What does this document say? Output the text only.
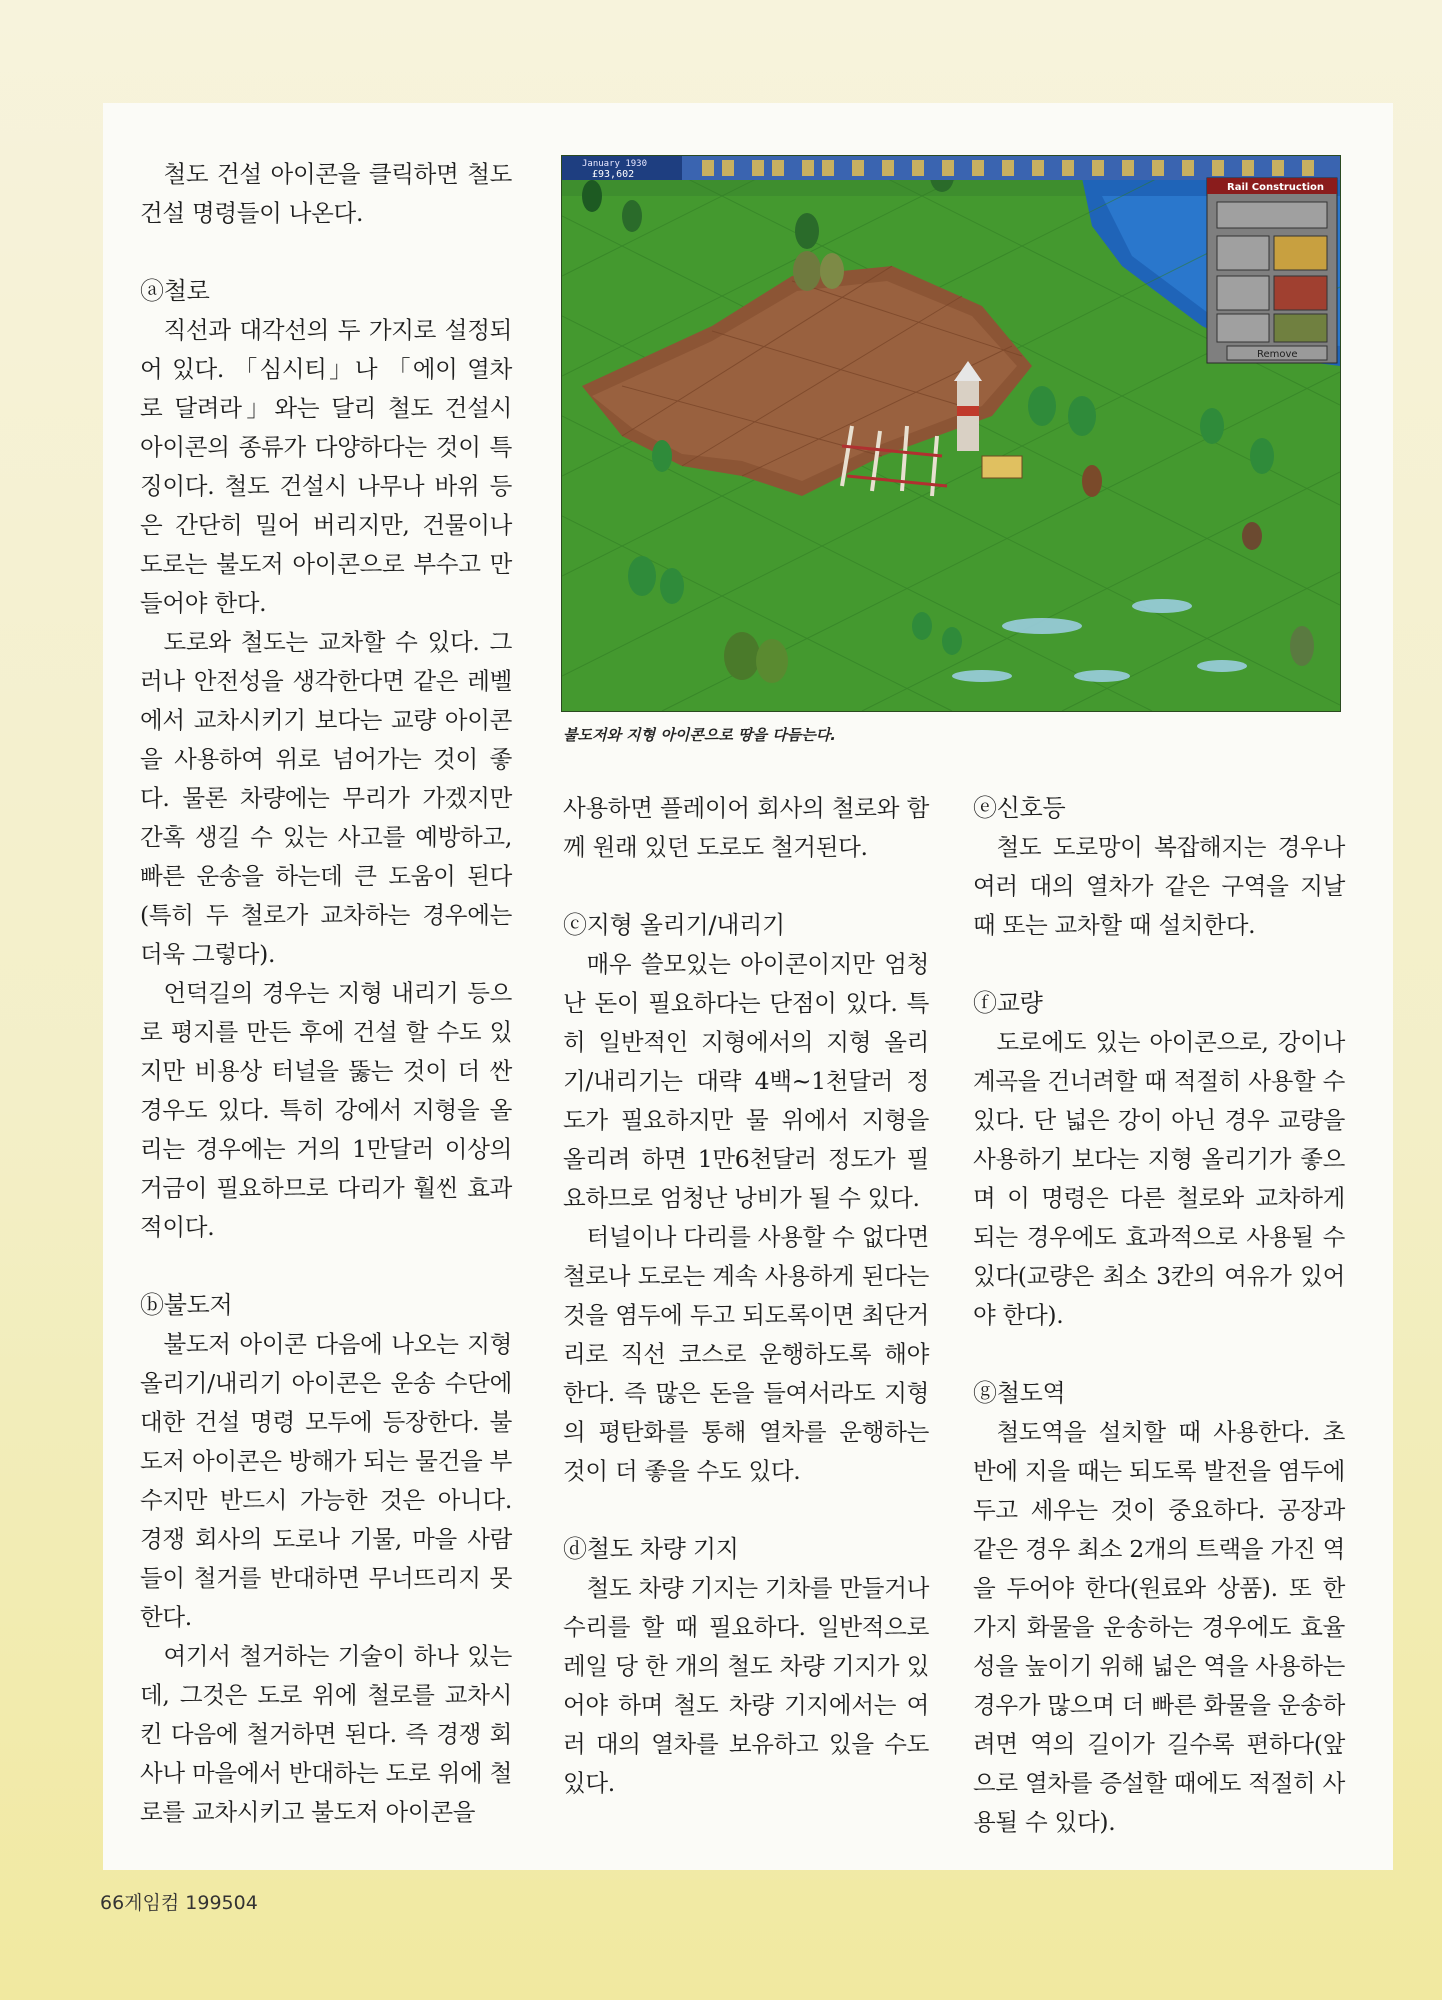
철도 건설 아이콘을 클릭하면 철도 건설 명령들이 나온다.

ⓐ철로

직선과 대각선의 두 가지로 설정되어 있다. 「심시티」나 「에이 열차로 달려라」와는 달리 철도 건설시 아이콘의 종류가 다양하다는 것이 특징이다. 철도 건설시 나무나 바위 등은 간단히 밀어 버리지만, 건물이나 도로는 불도저 아이콘으로 부수고 만들어야 한다.

도로와 철도는 교차할 수 있다. 그러나 안전성을 생각한다면 같은 레벨에서 교차시키기 보다는 교량 아이콘을 사용하여 위로 넘어가는 것이 좋다. 물론 차량에는 무리가 가겠지만 간혹 생길 수 있는 사고를 예방하고, 빠른 운송을 하는데 큰 도움이 된다(특히 두 철로가 교차하는 경우에는 더욱 그렇다).

언덕길의 경우는 지형 내리기 등으로 평지를 만든 후에 건설 할 수도 있지만 비용상 터널을 뚫는 것이 더 싼 경우도 있다. 특히 강에서 지형을 올리는 경우에는 거의 1만달러 이상의 거금이 필요하므로 다리가 훨씬 효과적이다.

ⓑ불도저

불도저 아이콘 다음에 나오는 지형 올리기/내리기 아이콘은 운송 수단에 대한 건설 명령 모두에 등장한다. 불도저 아이콘은 방해가 되는 물건을 부수지만 반드시 가능한 것은 아니다. 경쟁 회사의 도로나 기물, 마을 사람들이 철거를 반대하면 무너뜨리지 못한다.

여기서 철거하는 기술이 하나 있는데, 그것은 도로 위에 철로를 교차시킨 다음에 철거하면 된다. 즉 경쟁 회사나 마을에서 반대하는 도로 위에 철로를 교차시키고 불도저 아이콘을

January 1930
£93,602
Rail Construction
Remove
불도저와 지형 아이콘으로 땅을 다듬는다.

사용하면 플레이어 회사의 철로와 함께 원래 있던 도로도 철거된다.

ⓒ지형 올리기/내리기

매우 쓸모있는 아이콘이지만 엄청난 돈이 필요하다는 단점이 있다. 특히 일반적인 지형에서의 지형 올리기/내리기는 대략 4백~1천달러 정도가 필요하지만 물 위에서 지형을 올리려 하면 1만6천달러 정도가 필요하므로 엄청난 낭비가 될 수 있다.

터널이나 다리를 사용할 수 없다면 철로나 도로는 계속 사용하게 된다는 것을 염두에 두고 되도록이면 최단거리로 직선 코스로 운행하도록 해야 한다. 즉 많은 돈을 들여서라도 지형의 평탄화를 통해 열차를 운행하는 것이 더 좋을 수도 있다.

ⓓ철도 차량 기지

철도 차량 기지는 기차를 만들거나 수리를 할 때 필요하다. 일반적으로 레일 당 한 개의 철도 차량 기지가 있어야 하며 철도 차량 기지에서는 여러 대의 열차를 보유하고 있을 수도 있다.

ⓔ신호등

철도 도로망이 복잡해지는 경우나 여러 대의 열차가 같은 구역을 지날 때 또는 교차할 때 설치한다.

ⓕ교량

도로에도 있는 아이콘으로, 강이나 계곡을 건너려할 때 적절히 사용할 수 있다. 단 넓은 강이 아닌 경우 교량을 사용하기 보다는 지형 올리기가 좋으며 이 명령은 다른 철로와 교차하게 되는 경우에도 효과적으로 사용될 수 있다(교량은 최소 3칸의 여유가 있어야 한다).

ⓖ철도역

철도역을 설치할 때 사용한다. 초반에 지을 때는 되도록 발전을 염두에 두고 세우는 것이 중요하다. 공장과 같은 경우 최소 2개의 트랙을 가진 역을 두어야 한다(원료와 상품). 또 한 가지 화물을 운송하는 경우에도 효율성을 높이기 위해 넓은 역을 사용하는 경우가 많으며 더 빠른 화물을 운송하려면 역의 길이가 길수록 편하다(앞으로 열차를 증설할 때에도 적절히 사용될 수 있다).

66게임컴 199504
